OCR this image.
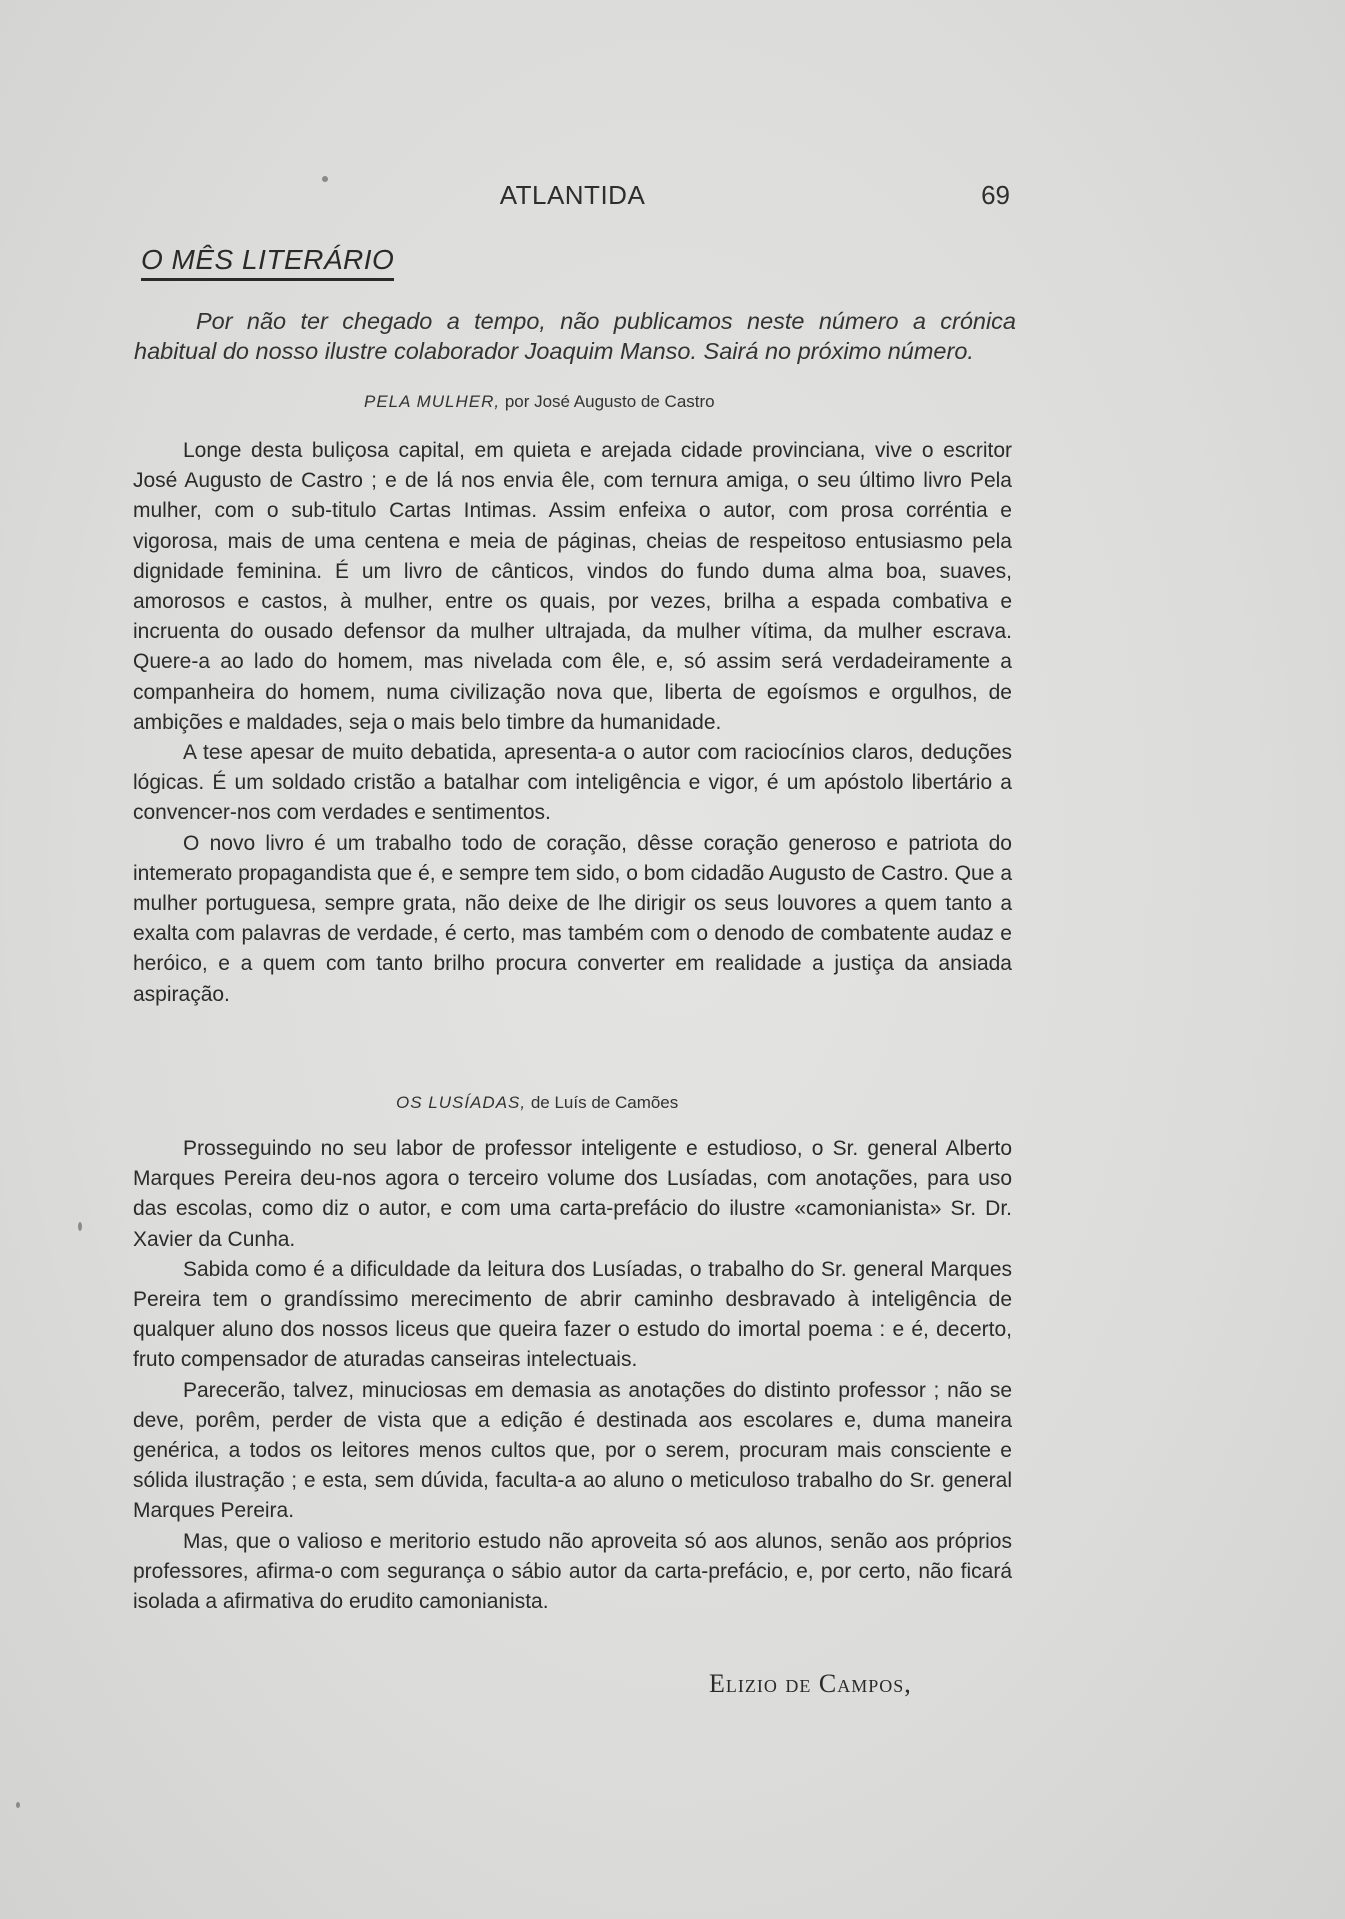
ATLANTIDA	69
O MÊS LITERÁRIO

Por não ter chegado a tempo, não publicamos neste número a crónica habitual do nosso ilustre colaborador Joaquim Manso. Sairá no próximo número.

PELA MULHER, por José Augusto de Castro

Longe desta buliçosa capital, em quieta e arejada cidade provinciana, vive o escritor José Augusto de Castro ; e de lá nos envia êle, com ternura amiga, o seu último livro Pela mulher, com o sub-titulo Cartas Intimas. Assim enfeixa o autor, com prosa corréntia e vigorosa, mais de uma centena e meia de páginas, cheias de respeitoso entusiasmo pela dignidade feminina. É um livro de cânticos, vindos do fundo duma alma boa, suaves, amorosos e castos, à mulher, entre os quais, por vezes, brilha a espada combativa e incruenta do ousado defensor da mulher ultrajada, da mulher vítima, da mulher escrava. Quere-a ao lado do homem, mas nivelada com êle, e, só assim será verdadeiramente a companheira do homem, numa civilização nova que, liberta de egoísmos e orgulhos, de ambições e maldades, seja o mais belo timbre da humanidade.

A tese apesar de muito debatida, apresenta-a o autor com raciocínios claros, deduções lógicas. É um soldado cristão a batalhar com inteligência e vigor, é um apóstolo libertário a convencer-nos com verdades e sentimentos.

O novo livro é um trabalho todo de coração, dêsse coração generoso e patriota do intemerato propagandista que é, e sempre tem sido, o bom cidadão Augusto de Castro. Que a mulher portuguesa, sempre grata, não deixe de lhe dirigir os seus louvores a quem tanto a exalta com palavras de verdade, é certo, mas também com o denodo de combatente audaz e heróico, e a quem com tanto brilho procura converter em realidade a justiça da ansiada aspiração.

OS LUSÍADAS, de Luís de Camões

Prosseguindo no seu labor de professor inteligente e estudioso, o Sr. general Alberto Marques Pereira deu-nos agora o terceiro volume dos Lusíadas, com anotações, para uso das escolas, como diz o autor, e com uma carta-prefácio do ilustre «camonianista» Sr. Dr. Xavier da Cunha.

Sabida como é a dificuldade da leitura dos Lusíadas, o trabalho do Sr. general Marques Pereira tem o grandíssimo merecimento de abrir caminho desbravado à inteligência de qualquer aluno dos nossos liceus que queira fazer o estudo do imortal poema : e é, decerto, fruto compensador de aturadas canseiras intelectuais.

Parecerão, talvez, minuciosas em demasia as anotações do distinto professor ; não se deve, porêm, perder de vista que a edição é destinada aos escolares e, duma maneira genérica, a todos os leitores menos cultos que, por o serem, procuram mais consciente e sólida ilustração ; e esta, sem dúvida, faculta-a ao aluno o meticuloso trabalho do Sr. general Marques Pereira.

Mas, que o valioso e meritorio estudo não aproveita só aos alunos, senão aos próprios professores, afirma-o com segurança o sábio autor da carta-prefácio, e, por certo, não ficará isolada a afirmativa do erudito camonianista.

Elizio de Campos,
